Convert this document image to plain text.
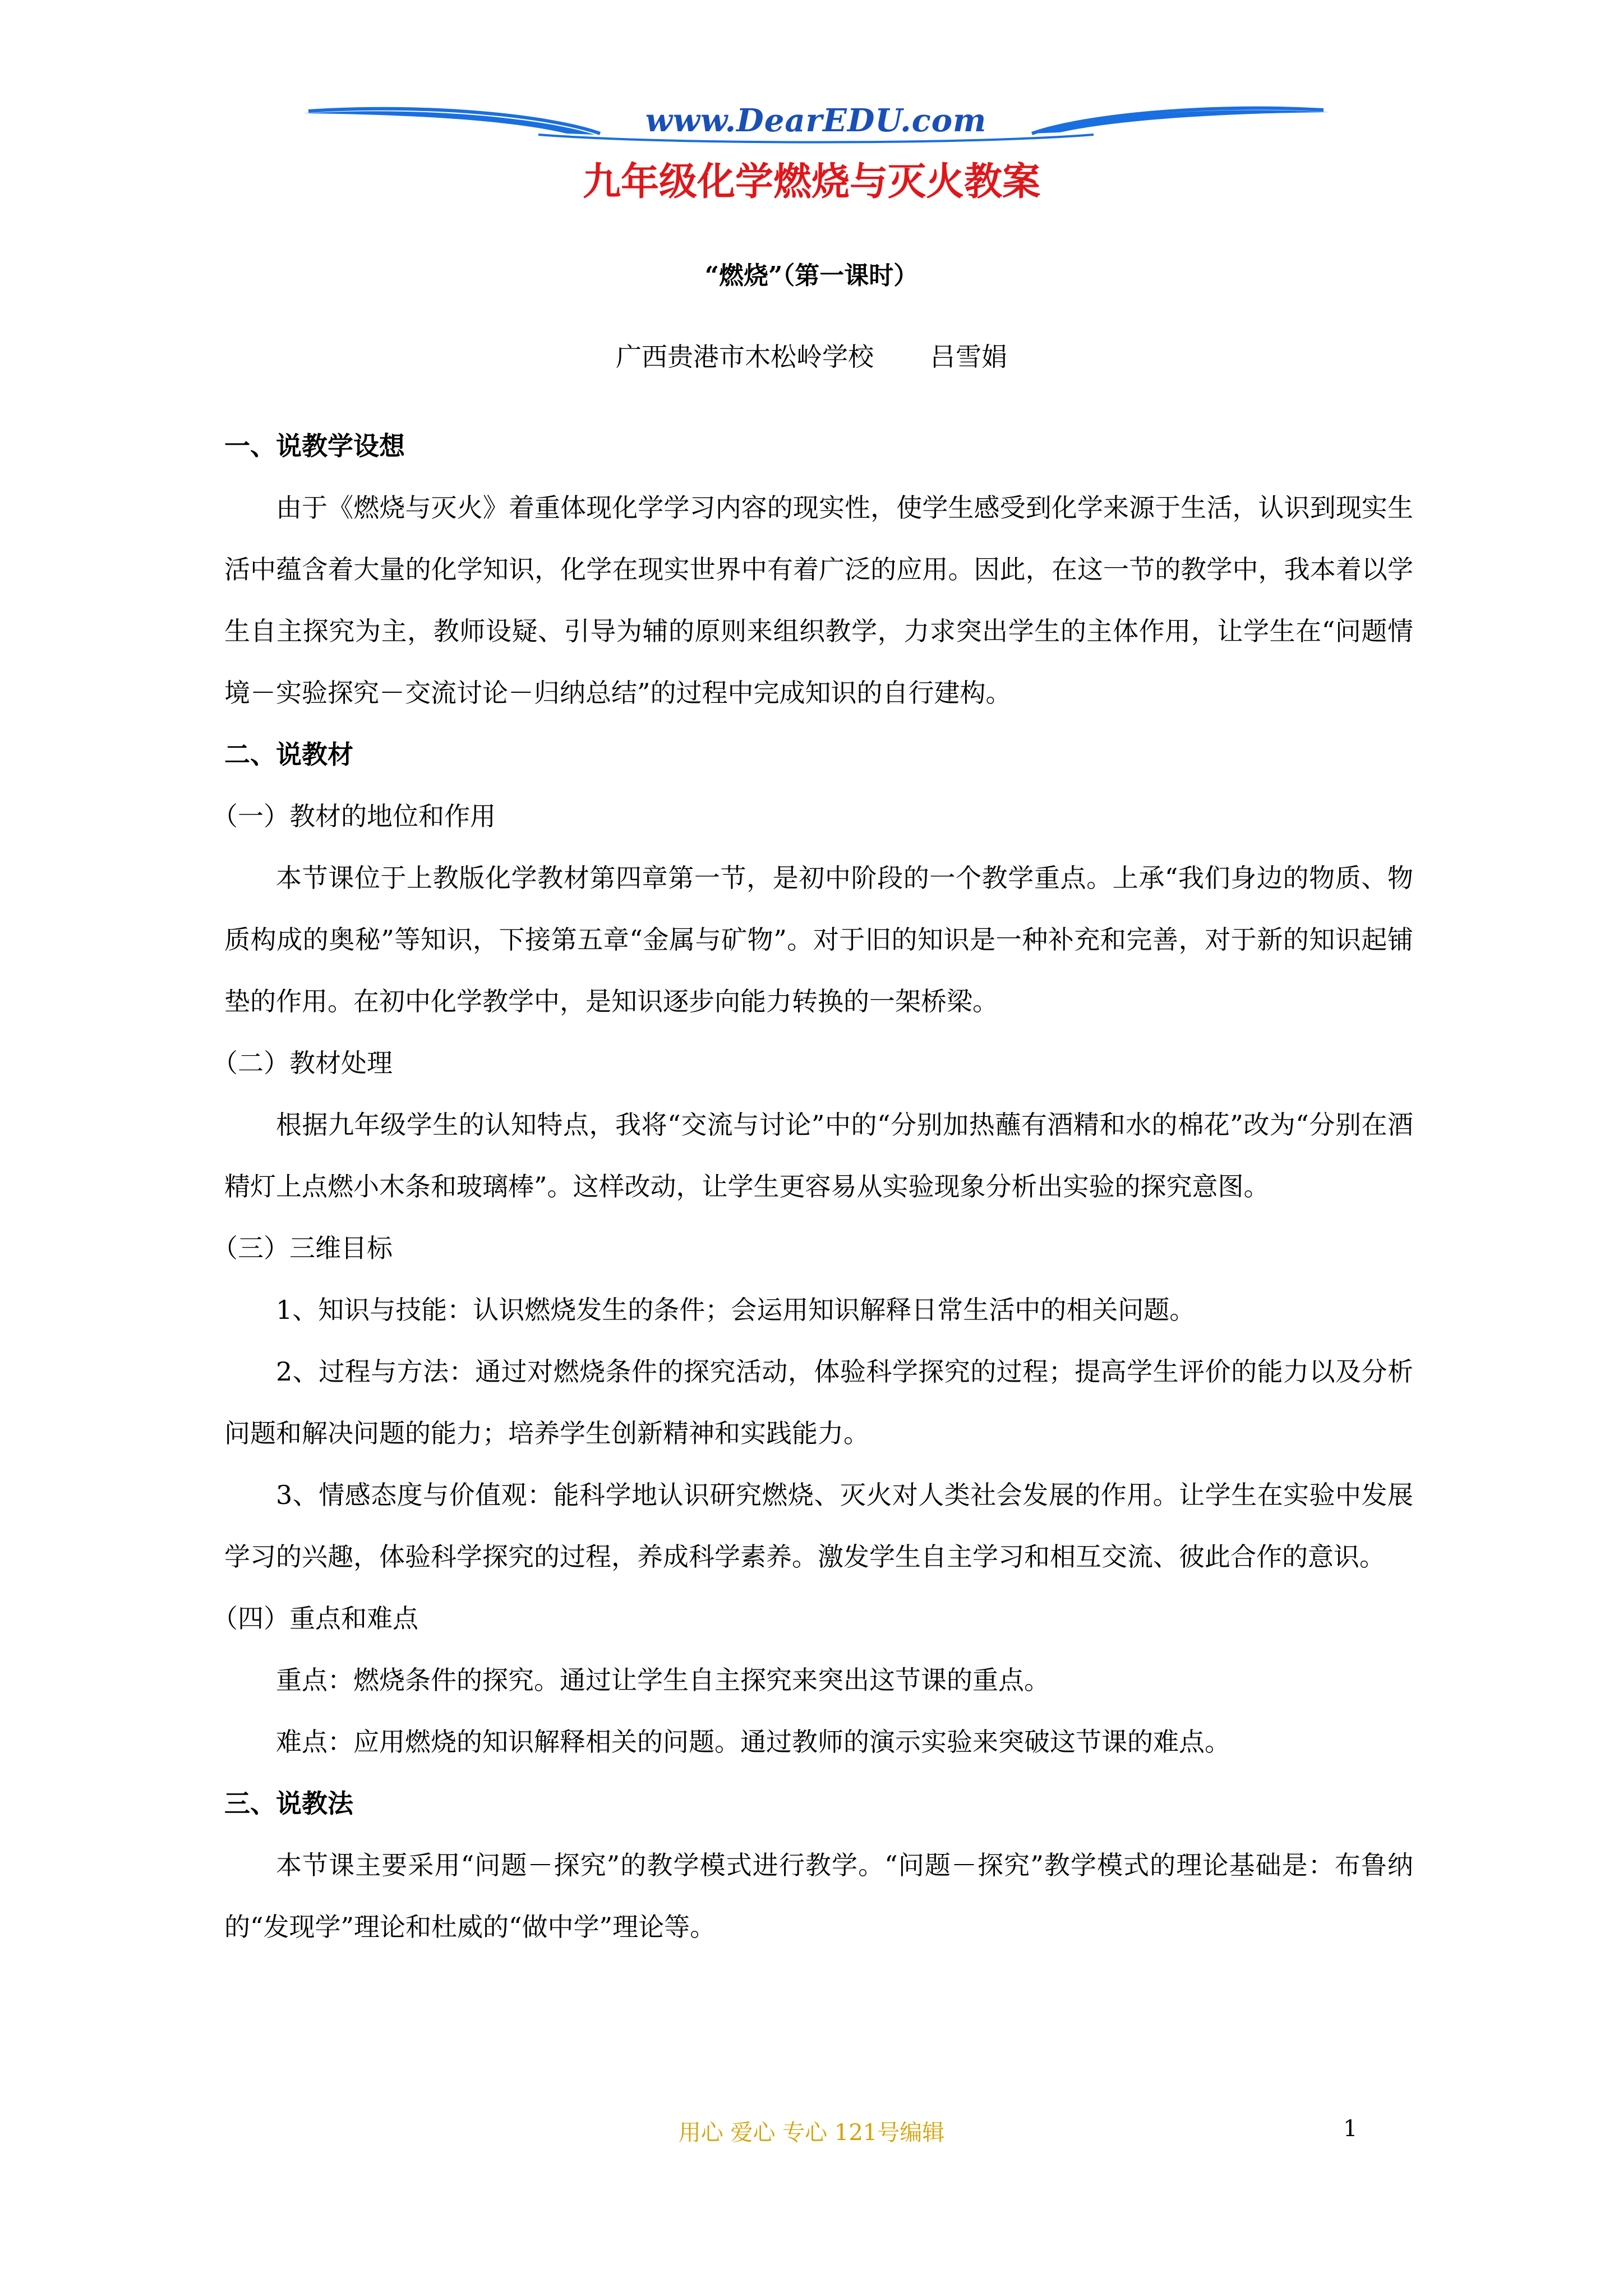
www.DearEDU.com
九年级化学燃烧与灭火教案
“燃烧”（第一课时）
广西贵港市木松岭学校 吕雪娟

一、说教学设想

由于《燃烧与灭火》着重体现化学学习内容的现实性，使学生感受到化学来源于生活，认识到现实生活中蕴含着大量的化学知识，化学在现实世界中有着广泛的应用。因此，在这一节的教学中，我本着以学生自主探究为主，教师设疑、引导为辅的原则来组织教学，力求突出学生的主体作用，让学生在“问题情境－实验探究－交流讨论－归纳总结”的过程中完成知识的自行建构。

二、说教材

（一）教材的地位和作用

本节课位于上教版化学教材第四章第一节，是初中阶段的一个教学重点。上承“我们身边的物质、物质构成的奥秘”等知识，下接第五章“金属与矿物”。对于旧的知识是一种补充和完善，对于新的知识起铺垫的作用。在初中化学教学中，是知识逐步向能力转换的一架桥梁。

（二）教材处理

根据九年级学生的认知特点，我将“交流与讨论”中的“分别加热蘸有酒精和水的棉花”改为“分别在酒精灯上点燃小木条和玻璃棒”。这样改动，让学生更容易从实验现象分析出实验的探究意图。

（三）三维目标

1、知识与技能：认识燃烧发生的条件；会运用知识解释日常生活中的相关问题。

2、过程与方法：通过对燃烧条件的探究活动，体验科学探究的过程；提高学生评价的能力以及分析问题和解决问题的能力；培养学生创新精神和实践能力。

3、情感态度与价值观：能科学地认识研究燃烧、灭火对人类社会发展的作用。让学生在实验中发展学习的兴趣，体验科学探究的过程，养成科学素养。激发学生自主学习和相互交流、彼此合作的意识。

（四）重点和难点

重点：燃烧条件的探究。通过让学生自主探究来突出这节课的重点。

难点：应用燃烧的知识解释相关的问题。通过教师的演示实验来突破这节课的难点。

三、说教法

本节课主要采用“问题－探究”的教学模式进行教学。“问题－探究”教学模式的理论基础是：布鲁纳的“发现学”理论和杜威的“做中学”理论等。

用心 爱心 专心 121号编辑	1
